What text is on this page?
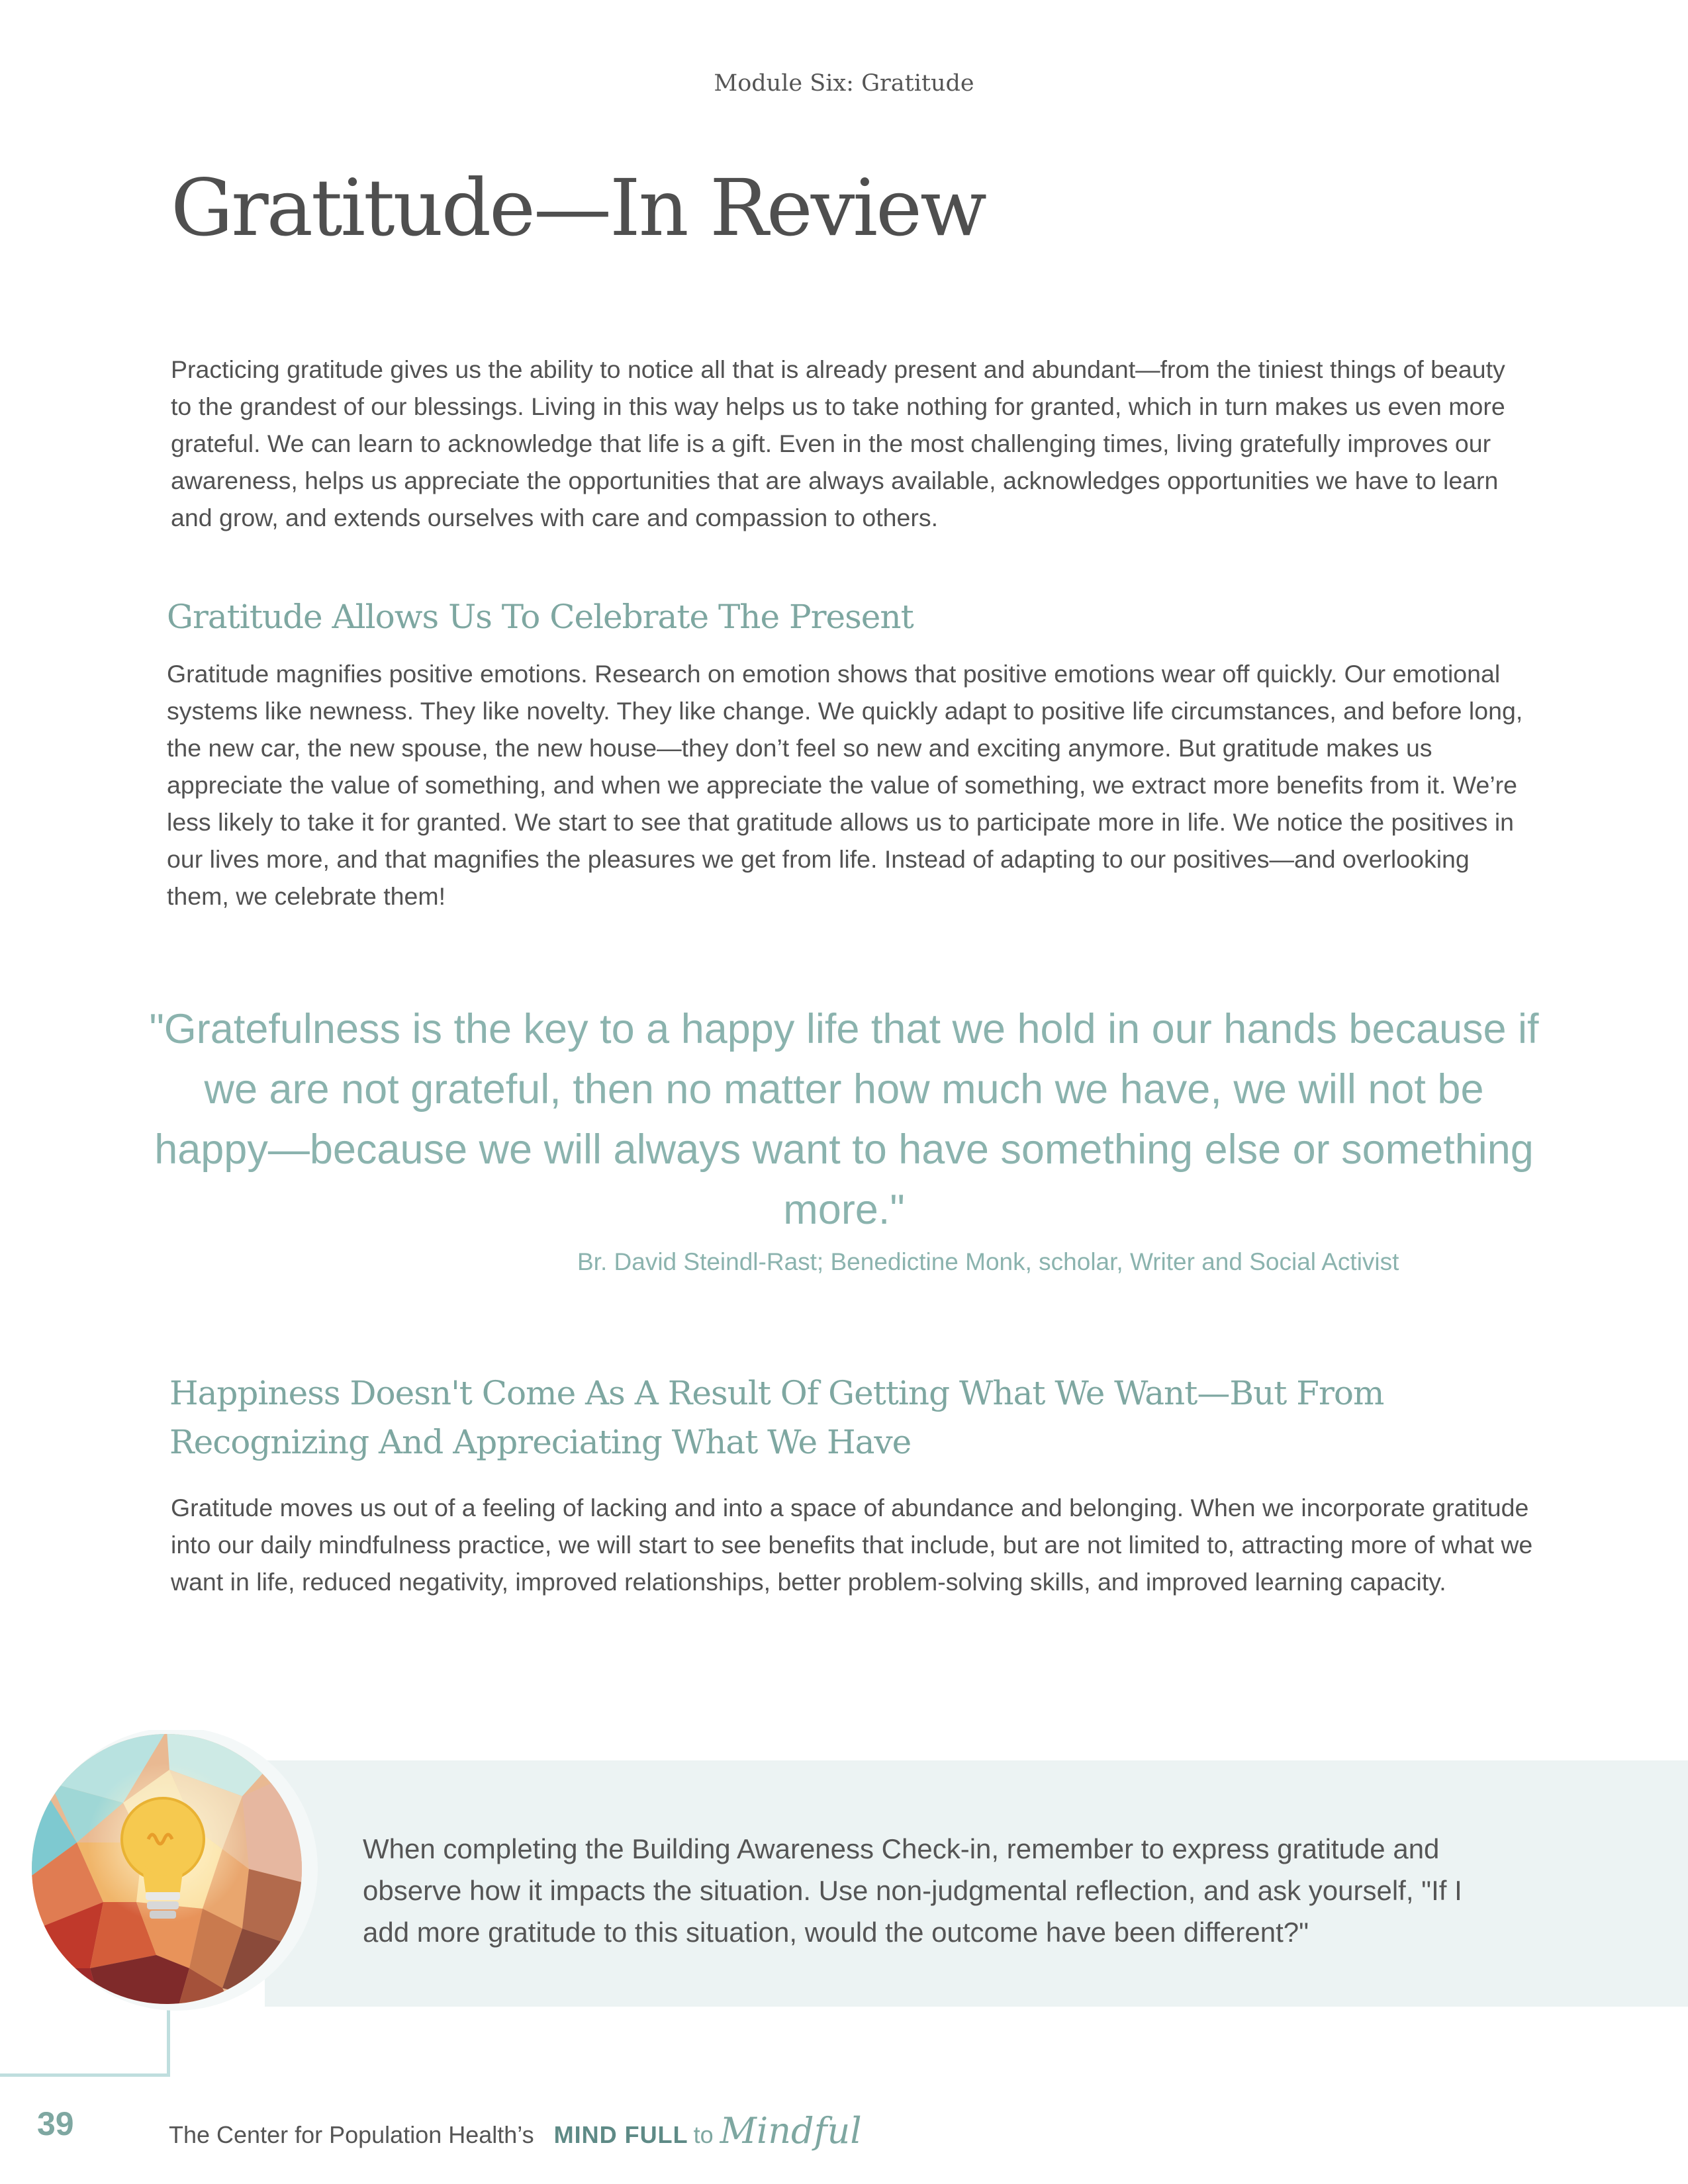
Module Six: Gratitude
Gratitude—In Review

Practicing gratitude gives us the ability to notice all that is already present and abundant—from the tiniest things of beauty to the grandest of our blessings. Living in this way helps us to take nothing for granted, which in turn makes us even more grateful. We can learn to acknowledge that life is a gift. Even in the most challenging times, living gratefully improves our awareness, helps us appreciate the opportunities that are always available, acknowledges opportunities we have to learn and grow, and extends ourselves with care and compassion to others.

Gratitude Allows Us To Celebrate The Present

Gratitude magnifies positive emotions. Research on emotion shows that positive emotions wear off quickly. Our emotional systems like newness. They like novelty. They like change. We quickly adapt to positive life circumstances, and before long, the new car, the new spouse, the new house—they don’t feel so new and exciting anymore. But gratitude makes us appreciate the value of something, and when we appreciate the value of something, we extract more benefits from it. We’re less likely to take it for granted. We start to see that gratitude allows us to participate more in life. We notice the positives in our lives more, and that magnifies the pleasures we get from life. Instead of adapting to our positives—and overlooking them, we celebrate them!

"Gratefulness is the key to a happy life that we hold in our hands because if we are not grateful, then no matter how much we have, we will not be happy—because we will always want to have something else or something more."

Br. David Steindl-Rast; Benedictine Monk, scholar, Writer and Social Activist

Happiness Doesn't Come As A Result Of Getting What We Want—But From Recognizing And Appreciating What We Have

Gratitude moves us out of a feeling of lacking and into a space of abundance and belonging. When we incorporate gratitude into our daily mindfulness practice, we will start to see benefits that include, but are not limited to, attracting more of what we want in life, reduced negativity, improved relationships, better problem-solving skills, and improved learning capacity.

When completing the Building Awareness Check-in, remember to express gratitude and observe how it impacts the situation. Use non-judgmental reflection, and ask yourself, "If I add more gratitude to this situation, would the outcome have been different?"

39	The Center for Population Health’s MIND FULL to Mindful
